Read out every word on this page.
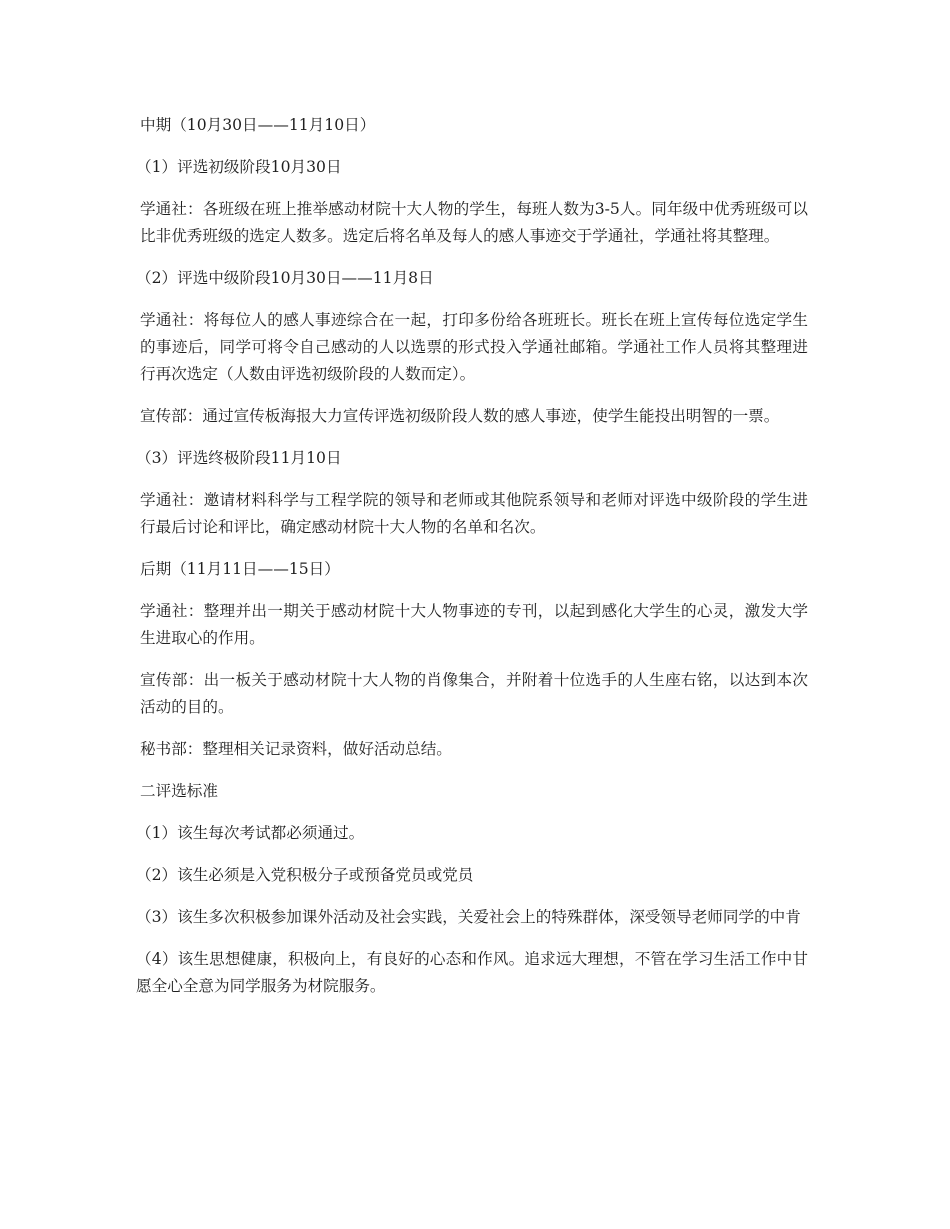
中期（10月30日——11月10日）

（1）评选初级阶段10月30日

学通社：各班级在班上推举感动材院十大人物的学生，每班人数为3-5人。同年级中优秀班级可以比非优秀班级的选定人数多。选定后将名单及每人的感人事迹交于学通社，学通社将其整理。

（2）评选中级阶段10月30日——11月8日

学通社：将每位人的感人事迹综合在一起，打印多份给各班班长。班长在班上宣传每位选定学生的事迹后，同学可将令自己感动的人以选票的形式投入学通社邮箱。学通社工作人员将其整理进行再次选定（人数由评选初级阶段的人数而定）。

宣传部：通过宣传板海报大力宣传评选初级阶段人数的感人事迹，使学生能投出明智的一票。

（3）评选终极阶段11月10日

学通社：邀请材料科学与工程学院的领导和老师或其他院系领导和老师对评选中级阶段的学生进行最后讨论和评比，确定感动材院十大人物的名单和名次。

后期（11月11日——15日）

学通社：整理并出一期关于感动材院十大人物事迹的专刊，以起到感化大学生的心灵，激发大学生进取心的作用。

宣传部：出一板关于感动材院十大人物的肖像集合，并附着十位选手的人生座右铭，以达到本次活动的目的。

秘书部：整理相关记录资料，做好活动总结。

二评选标准

（1）该生每次考试都必须通过。

（2）该生必须是入党积极分子或预备党员或党员

（3）该生多次积极参加课外活动及社会实践，关爱社会上的特殊群体，深受领导老师同学的中肯

（4）该生思想健康，积极向上，有良好的心态和作风。追求远大理想，不管在学习生活工作中甘愿全心全意为同学服务为材院服务。
